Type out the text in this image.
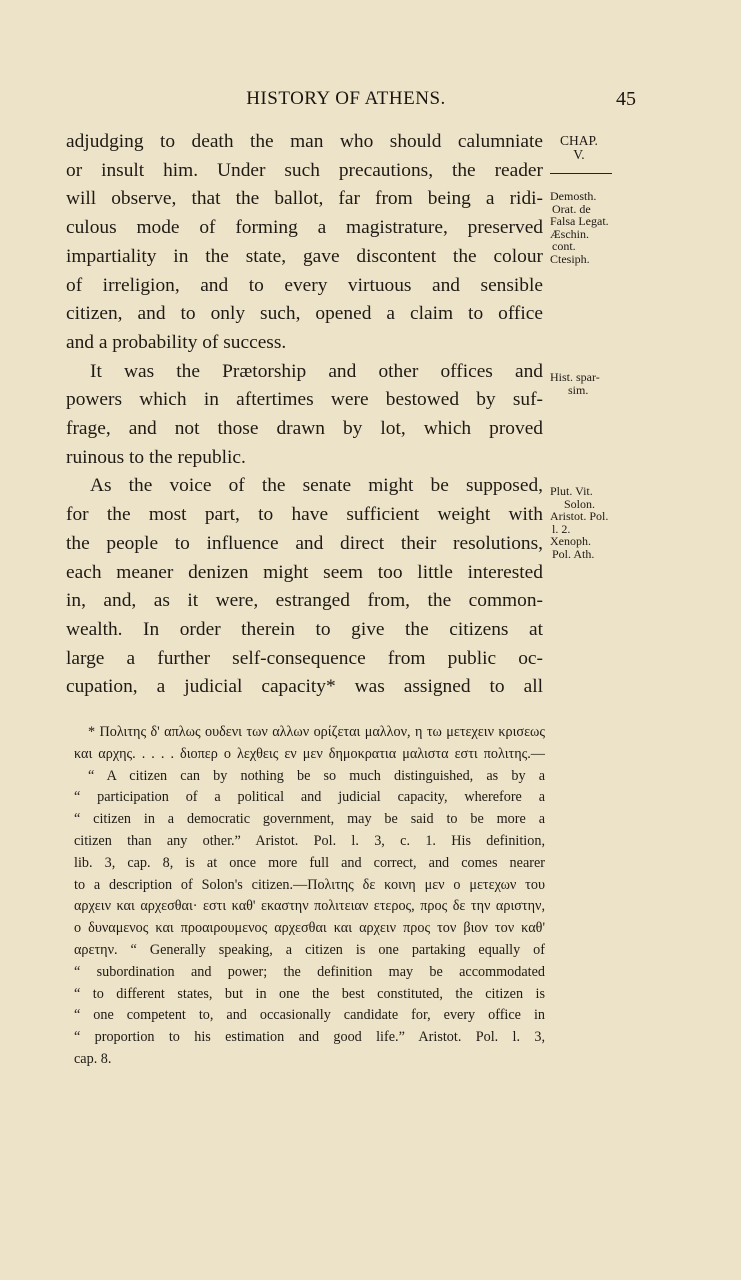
HISTORY OF ATHENS.	45
adjudging to death the man who should calumniate
or insult him. Under such precautions, the reader
will observe, that the ballot, far from being a ridi-
culous mode of forming a magistrature, preserved
impartiality in the state, gave discontent the colour
of irreligion, and to every virtuous and sensible
citizen, and to only such, opened a claim to office
and a probability of success.
It was the Prætorship and other offices and
powers which in aftertimes were bestowed by suf-
frage, and not those drawn by lot, which proved
ruinous to the republic.
As the voice of the senate might be supposed,
for the most part, to have sufficient weight with
the people to influence and direct their resolutions,
each meaner denizen might seem too little interested
in, and, as it were, estranged from, the common-
wealth. In order therein to give the citizens at
large a further self-consequence from public oc-
cupation, a judicial capacity* was assigned to all
CHAP.
V.
Demosth.
Orat. de
Falsa Legat.
Æschin.
cont.
Ctesiph.
Hist. spar-
sim.
Plut. Vit.
Solon.
Aristot. Pol.
l. 2.
Xenoph.
Pol. Ath.
* Πολιτης δ' απλως ουδενι των αλλων ορίζεται μαλλον, η τω μετεχειν κρισεως
και αρχης. . . . . διοπερ ο λεχθεις εν μεν δημοκρατια μαλιστα εστι πολιτης.—
“ A citizen can by nothing be so much distinguished, as by a
“ participation of a political and judicial capacity, wherefore a
“ citizen in a democratic government, may be said to be more a
citizen than any other.” Aristot. Pol. l. 3, c. 1. His definition,
lib. 3, cap. 8, is at once more full and correct, and comes nearer
to a description of Solon's citizen.—Πολιτης δε κοινη μεν ο μετεχων του
αρχειν και αρχεσθαι· εστι καθ' εκαστην πολιτειαν ετερος, προς δε την αριστην,
ο δυναμενος και προαιρουμενος αρχεσθαι και αρχειν προς τον βιον τον καθ'
αρετην. “ Generally speaking, a citizen is one partaking equally of
“ subordination and power; the definition may be accommodated
“ to different states, but in one the best constituted, the citizen is
“ one competent to, and occasionally candidate for, every office in
“ proportion to his estimation and good life.” Aristot. Pol. l. 3,
cap. 8.
